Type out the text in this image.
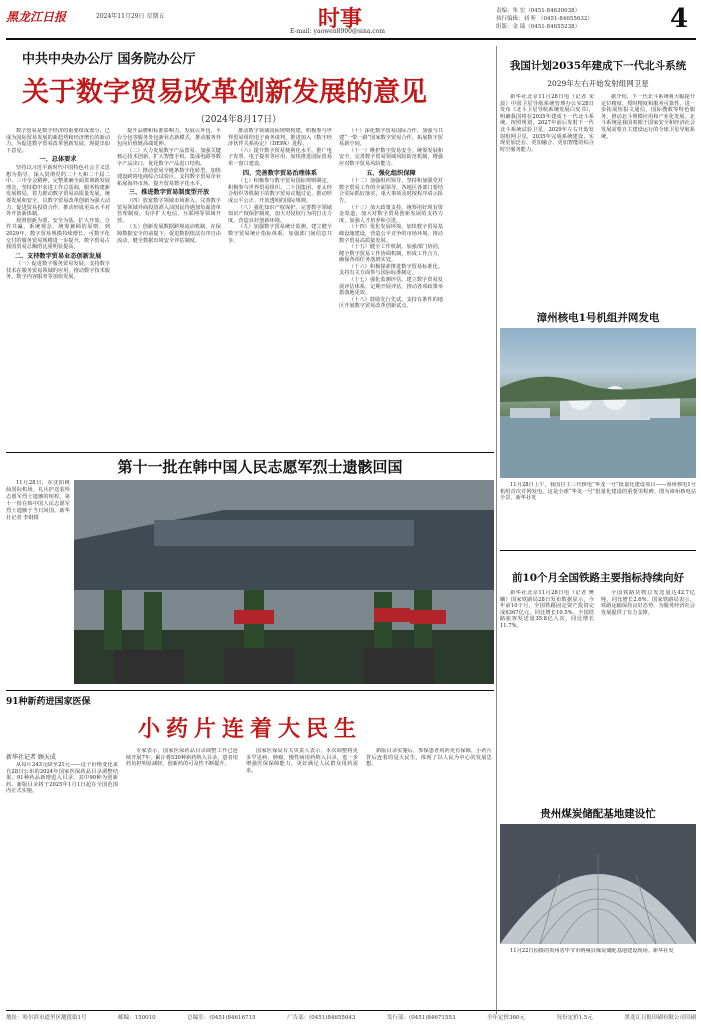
黑龙江日报	2024年11月29日 星期五	时事
E-mail: yaowen8900@sina.com
责编：朱 宏（0451-84630038）
执行编辑：刘 昕 （0451-84655632）
组版：金 瑞（0451-84655238）	4
中共中央办公厅 国务院办公厅
关于数字贸易改革创新发展的意见
（2024年8月17日）

数字贸易是数字经济的重要组成部分，已成为国际贸易发展的新趋势和经济增长的新动力。为促进数字贸易改革创新发展，现提出如下意见。

一、总体要求

坚持以习近平新时代中国特色社会主义思想为指导，深入贯彻党的二十大和二十届二中、三中全会精神，完整准确全面贯彻新发展理念，坚持稳中求进工作总基调，服务构建新发展格局，着力推动数字贸易高质量发展，统筹发展和安全，以数字贸易改革创新为强大动力，促进贸易投资合作，推动形成更高水平对外开放新体制。

按照创新为要、安全为基、扩大开放、合作共赢、系统观念、统筹兼顾的原则，到2029年，数字贸易规模持续增长，可数字化交付的服务贸易规模进一步提升，数字贸易占我国贸易总额的比重明显提高。

二、支持数字贸易业态创新发展

（一）促进数字服务贸易发展。支持数字技术在服务贸易领域的应用，推动数字技术服务、数字内容服务等加快发展。

提升品牌和标准影响力。发展云外包、平台分包等服务外包新业态新模式，推动服务外包向价值链高端延伸。

（二）大力发展数字产品贸易。加强关键核心技术创新，扩大智能手机、集成电路等数字产品出口，优化数字产品进口结构。

（三）推动贸易全链条数字化转型。加快建设跨境电商综合试验区，支持数字贸易企业拓展海外市场，提升贸易数字化水平。

三、推进数字贸易制度型开放

（四）放宽数字领域市场准入。完善数字贸易领域外商投资准入前国民待遇加负面清单管理制度，有序扩大电信、互联网等领域开放。

（五）创新发展数据跨境流动机制。在保障数据安全的前提下，促进数据依法有序自由流动，健全数据出境安全评估制度。

推动数字领域国际规则构建，积极参与世界贸易组织电子商务谈判，推进加入《数字经济伙伴关系协定》（DEPA）进程。

（六）提升数字贸易便利化水平。推广电子发票、电子提单等应用，加快推进国际贸易单一窗口建设。

四、完善数字贸易治理体系

（七）积极参与数字贸易国际规则制定。积极参与世界贸易组织、二十国集团、亚太经合组织等机制下的数字贸易议题讨论，推动形成公平公正、开放透明的国际规则。

（八）强化知识产权保护。完善数字领域知识产权保护制度，加大对侵权行为的打击力度，营造良好创新环境。

（九）加强数字贸易统计监测。建立健全数字贸易统计指标体系，加强部门间信息共享。

（十）深化数字贸易国际合作。加强与共建“一带一路”国家数字贸易合作，拓展数字贸易新空间。

（十一）维护数字贸易安全。统筹发展和安全，完善数字贸易领域风险防范机制，增强应对数字贸易风险能力。

五、强化组织保障

（十二）加强组织领导。坚持和加强党对数字贸易工作的全面领导。各地区各部门要结合实际抓好落实，重大事项及时按程序请示报告。

（十三）加大政策支持。统筹用好现有资金渠道，加大对数字贸易创新发展的支持力度，加强人才培养和引进。

（十四）优化发展环境。加快数字贸易基础设施建设，营造公平竞争的市场环境，推动数字贸易高质量发展。

（十五）健全工作机制。加强部门协同，健全数字贸易工作协调机制，形成工作合力，确保各项任务落到实处。

（十六）积极探索推进数字贸易标准化。支持有关方面参与国际标准制定。

（十七）强化监测评估。建立数字贸易发展评估体系，定期开展评估，推动各项政策举措落地见效。

（十八）鼓励先行先试。支持有条件的地区开展数字贸易改革创新试点。

我国计划2035年建成下一代北斗系统
2029年左右开始发射组网卫星

新华社北京11月28日电（记者 宋晨）中国卫星导航系统管理办公室28日发布《北斗卫星导航系统发展白皮书》，明确我国将在2035年建成下一代北斗系统。按照规划，2027年前后发射下一代北斗系统试验卫星，2029年左右开始发射组网卫星，2035年完成系统建设，实现更加泛在、更加融合、更加智能的综合时空服务能力。

据介绍，下一代北斗系统将大幅提升定位精度、授时精度和服务可靠性，进一步拓展短报文通信、国际搜救等特色服务，推动北斗规模应用和产业化发展。北斗系统是我国着眼于国家安全和经济社会发展需要自主建设运行的全球卫星导航系统。

漳州核电1号机组并网发电

11月28日上午，我国自主三代核电“华龙一号”批量化建设项目——漳州核电1号机组首次并网发电。这是全球“华龙一号”批量化建设的重要里程碑。图为漳州核电站全景。新华社发

前10个月全国铁路主要指标持续向好

新华社北京11月28日电（记者 樊曦）国家铁路局28日发布数据显示，今年前10个月，全国铁路固定资产投资完成6367亿元，同比增长10.5%。全国铁路旅客发送量35.8亿人次，同比增长11.7%。

全国铁路货物总发送量达42.7亿吨，同比增长2.6%。国家铁路局表示，铁路运输保持良好态势，为服务经济社会发展提供了有力支撑。

贵州煤炭储配基地建设忙

11月22日拍摄的贵州省毕节市纳雍县煤炭储配基地建设现场。新华社发

第十一批在韩中国人民志愿军烈士遗骸回国

11月28日，在沈阳桃仙国际机场，礼兵护送装殓志愿军烈士遗骸的棺椁。第十一批在韩中国人民志愿军烈士遗骸于当日回国。新华社记者 李钢摄

91种新药进国家医保
小药片连着大民生
新华社记者 顾天成

从每片243元降至21元——这个价格变化来自28日公布的2024年国家医保药品目录调整结果。91种药品新增进入目录，其中90种为创新药。新版目录将于2025年1月1日起在全国范围内正式实施。

专家表示，国家医保药品目录调整工作已连续开展7年，累计将530种新药纳入目录，患者用药负担明显减轻，创新药的可及性不断提升。

国家医保局有关负责人表示，本次调整将更多罕见病、肿瘤、慢性病用药纳入目录，进一步增强医保保障能力，更好满足人民群众用药需求。

新版目录实施后，参保患者用药更有保障，小药片背后连着的是大民生，体现了以人民为中心的发展思想。

地址：哈尔滨市道里区地段街1号	邮编：150010	总编室：(0451)84616715	广告部：(0451)84655043	发行部：(0451)84671553	全年定价360元	每份定价1.5元	黑龙江日报印刷有限公司印刷
